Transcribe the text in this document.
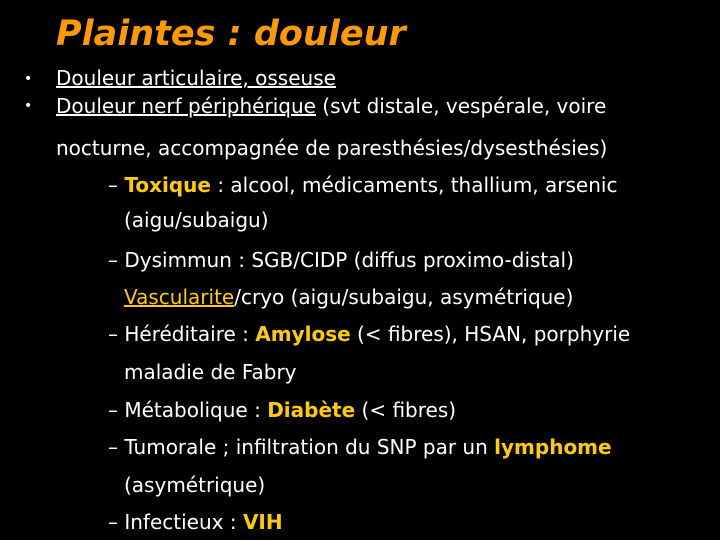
Plaintes : douleur
• Douleur articulaire, osseuse

• Douleur nerf périphérique (svt distale, vespérale, voire

nocturne, accompagnée de paresthésies/dysesthésies)

– Toxique : alcool, médicaments, thallium, arsenic

(aigu/subaigu)

– Dysimmun : SGB/CIDP (diffus proximo-distal)

Vascularite/cryo (aigu/subaigu, asymétrique)

– Héréditaire : Amylose (< fibres), HSAN, porphyrie

maladie de Fabry

– Métabolique : Diabète (< fibres)

– Tumorale ; infiltration du SNP par un lymphome

(asymétrique)

– Infectieux : VIH
